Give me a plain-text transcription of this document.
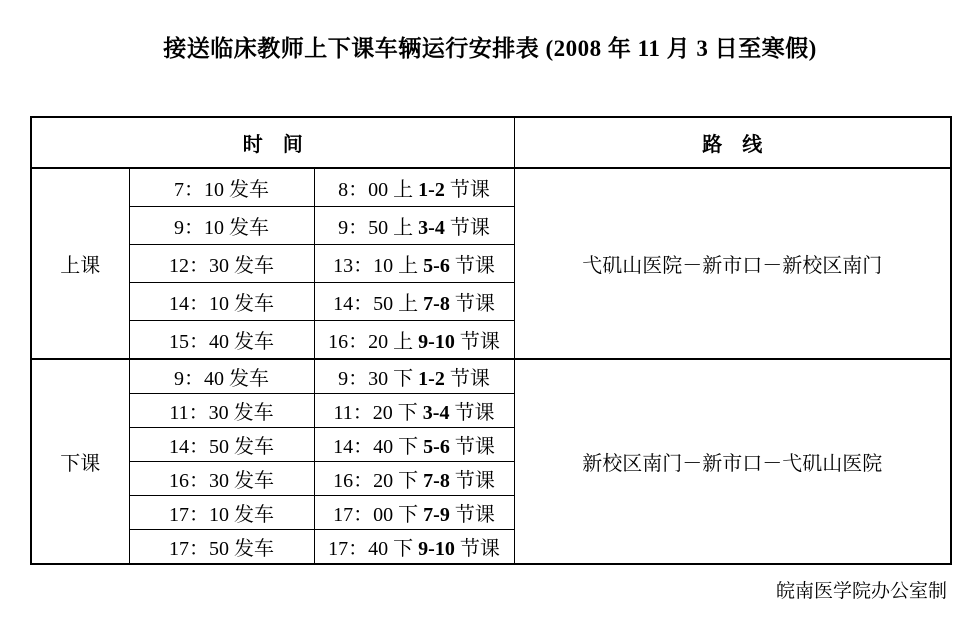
接送临床教师上下课车辆运行安排表 (2008 年 11 月 3 日至寒假)
时　间			路　线
上课	7：10 发车	8：00 上 1-2 节课	弋矶山医院－新市口－新校区南门
	9：10 发车	9：50 上 3-4 节课	
	12：30 发车	13：10 上 5-6 节课	
	14：10 发车	14：50 上 7-8 节课	
	15：40 发车	16：20 上 9-10 节课	
下课	9：40 发车	9：30 下 1-2 节课	新校区南门－新市口－弋矶山医院
	11：30 发车	11：20 下 3-4 节课	
	14：50 发车	14：40 下 5-6 节课	
	16：30 发车	16：20 下 7-8 节课	
	17：10 发车	17：00 下 7-9 节课	
	17：50 发车	17：40 下 9-10 节课	
皖南医学院办公室制
